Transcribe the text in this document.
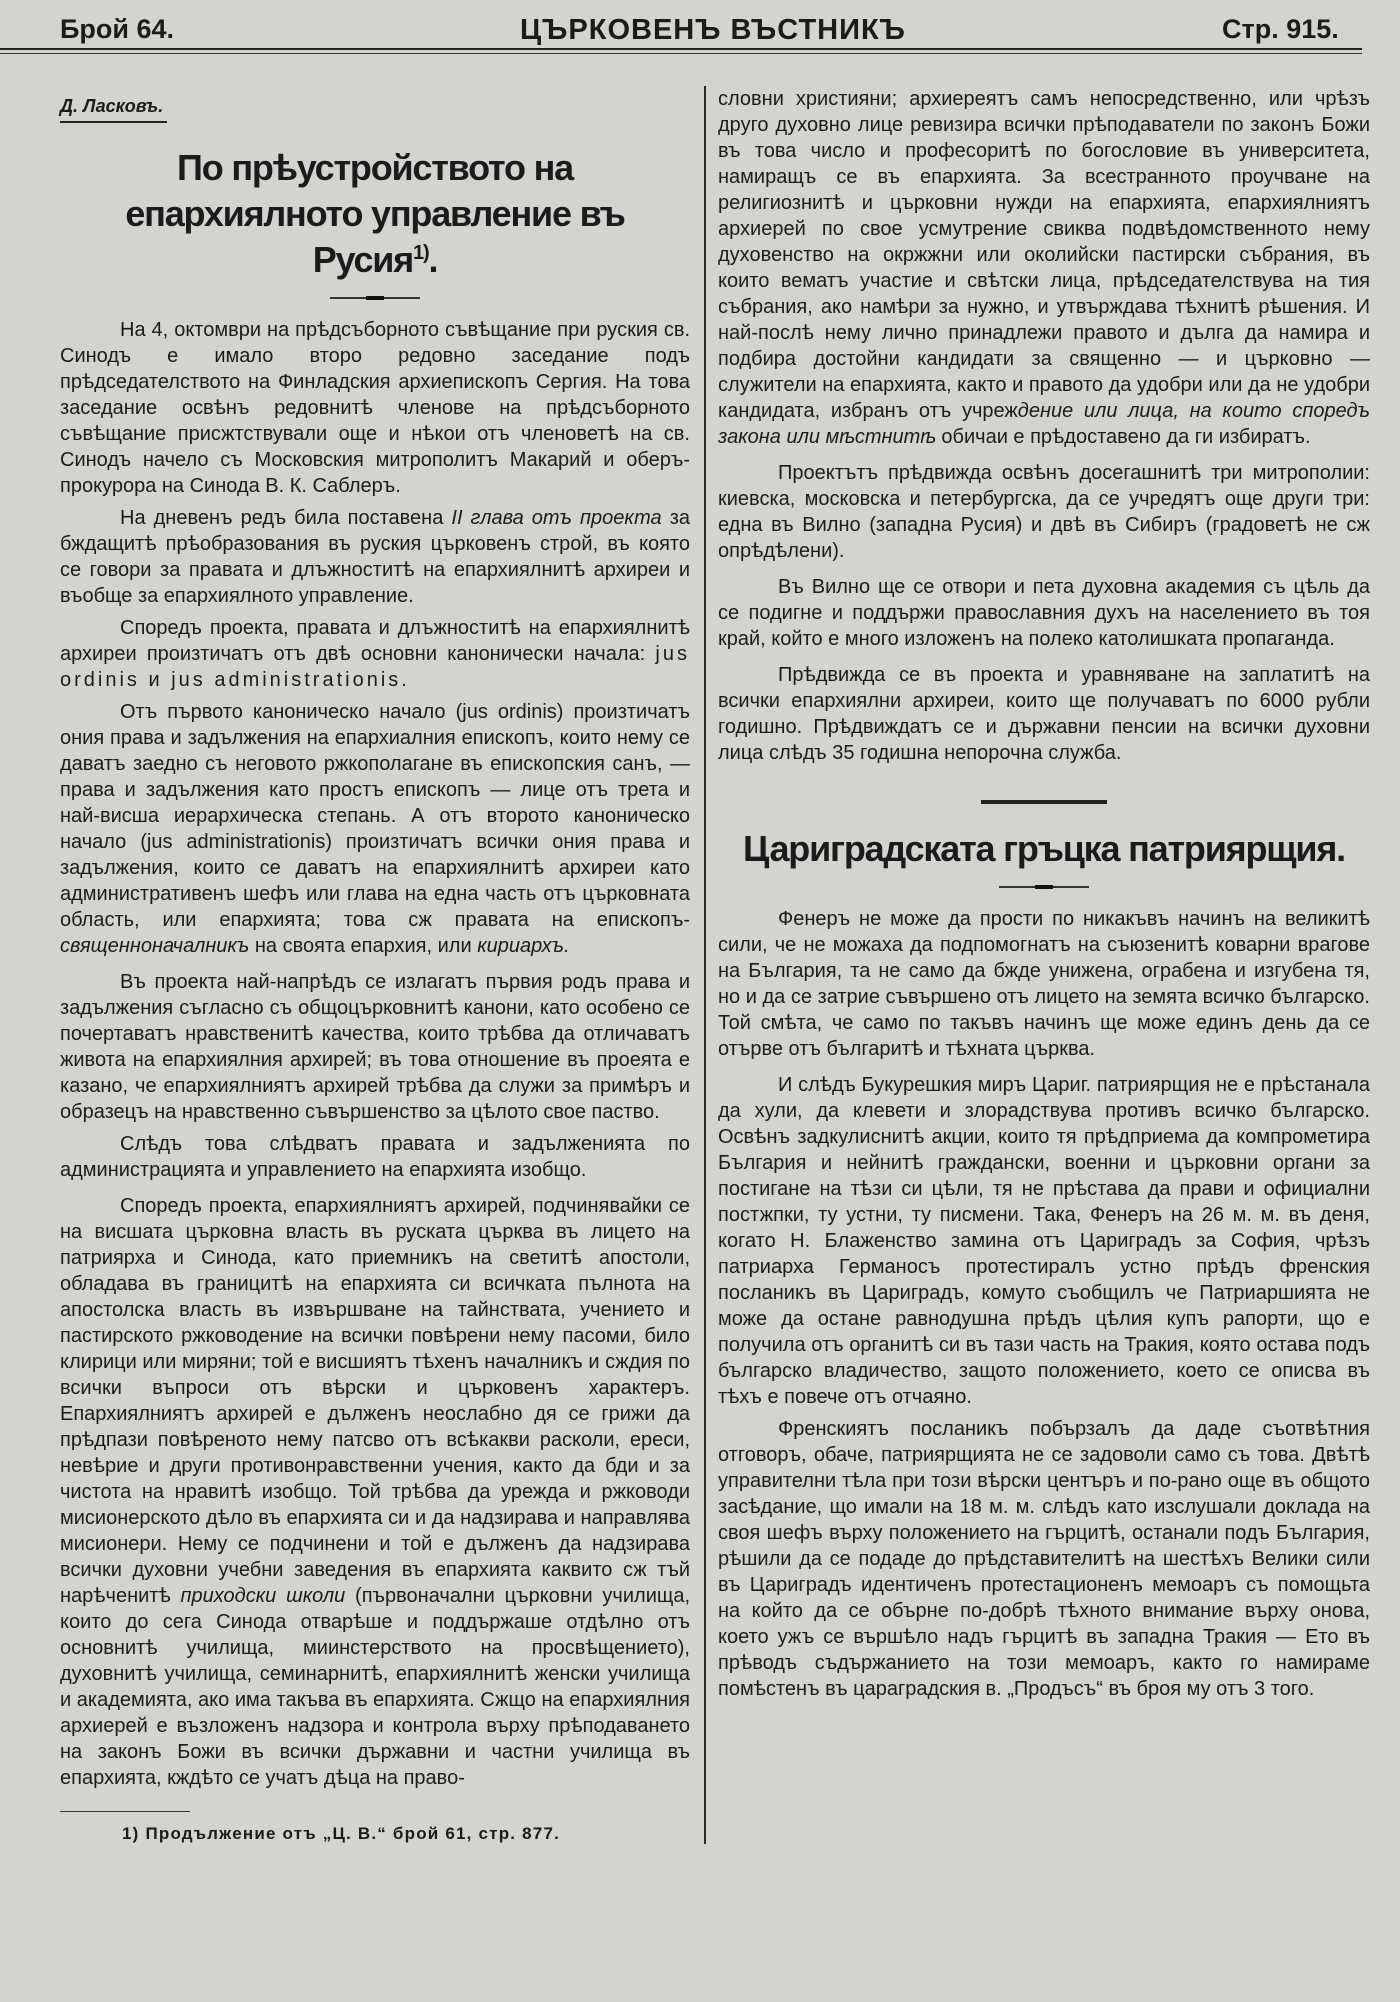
Брой 64.	ЦЪРКОВЕНЪ ВЪСТНИКЪ	Стр. 915.
Д. Ласковъ.
По прѣустройството на епархиялното управление въ Русия$^{1)}$.

На 4, октомври на прѣдсъборното съвѣщание при руския св. Синодъ е имало второ редовно заседание подъ прѣдседателството на Финладския архиепископъ Сергия. На това заседание освѣнъ редовнитѣ членове на прѣдсъборното съвѣщание присжтствували още и нѣкои отъ членоветѣ на св. Синодъ начело съ Московския митрополитъ Макарий и оберъ-прокурора на Синода В. К. Саблеръ.

На дневенъ редъ била поставена II глава отъ проекта за бждащитѣ прѣобразования въ руския църковенъ строй, въ която се говори за правата и длъжноститѣ на епархиялнитѣ архиреи и въобще за епархиялното управление.

Споредъ проекта, правата и длъжноститѣ на епархиялнитѣ архиреи произтичатъ отъ двѣ основни канонически начала: jus ordinis и jus administrationis.

Отъ първото каноническо начало (jus ordinis) произтичатъ ония права и задължения на епархиалния епископъ, които нему се даватъ заедно съ неговото ржкополагане въ епископския санъ, — права и задължения като простъ епископъ — лице отъ трета и най-висша иерархическа степань. А отъ второто каноническо начало (jus administrationis) произтичатъ всички ония права и задължения, които се даватъ на епархиялнитѣ архиреи като административенъ шефъ или глава на една часть отъ църковната область, или епархията; това сж правата на епископъ-священноначалникъ на своята епархия, или кириархъ.

Въ проекта най-напрѣдъ се излагатъ първия родъ права и задължения съгласно съ общоцърковнитѣ канони, като особено се почертаватъ нравственитѣ качества, които трѣбва да отличаватъ живота на епархиялния архирей; въ това отношение въ проеята е казано, че епархиялниятъ архирей трѣбва да служи за примѣръ и образецъ на нравственно съвършенство за цѣлото свое паство.

Слѣдъ това слѣдватъ правата и задълженията по администрацията и управлението на епархията изобщо.

Споредъ проекта, епархиялниятъ архирей, подчинявайки се на висшата църковна власть въ руската църква въ лицето на патриярха и Синода, като приемникъ на светитѣ апостоли, обладава въ границитѣ на епархията си всичката пълнота на апостолска власть въ извършване на тайнствата, учението и пастирското ржководение на всички повѣрени нему пасоми, било клирици или миряни; той е висшиятъ тѣхенъ началникъ и сждия по всички въпроси отъ вѣрски и църковенъ характеръ. Епархиялниятъ архирей е дълженъ неослабно дя се грижи да прѣдпази повѣреното нему патсво отъ всѣкакви расколи, ереси, невѣрие и други противонравственни учения, както да бди и за чистота на нравитѣ изобщо. Той трѣбва да урежда и ржководи мисионерското дѣло въ епархията си и да надзирава и направлява мисионери. Нему се подчинени и той е дълженъ да надзирава всички духовни учебни заведения въ епархията каквито сж тъй нарѣченитѣ приходски школи (първоначални църковни училища, които до сега Синода отварѣше и поддържаше отдѣлно отъ основнитѣ училища, миинстерството на просвѣщението), духовнитѣ училища, семинарнитѣ, епархиялнитѣ женски училища и академията, ако има такъва въ епархията. Сжщо на епархиялния архиерей е възложенъ надзора и контрола върху прѣподаването на законъ Божи въ всички държавни и частни училища въ епархията, кждѣто се учатъ дѣца на право-

1) Продължение отъ „Ц. В.“ брой 61, стр. 877.

словни християни; архиереятъ самъ непосредственно, или чрѣзъ друго духовно лице ревизира всички прѣподаватели по законъ Божи въ това число и професоритѣ по богословие въ университета, намиращъ се въ епархията. За всестранното проучване на религиознитѣ и църковни нужди на епархията, епархиялниятъ архиерей по свое усмутрение свиква подвѣдомственното нему духовенство на окржжни или околийски пастирски събрания, въ които вематъ участие и свѣтски лица, прѣдседателствува на тия събрания, ако намѣри за нужно, и утвърждава тѣхнитѣ рѣшения. И най-послѣ нему лично принадлежи правото и дълга да намира и подбира достойни кандидати за священно — и църковно — служители на епархията, както и правото да удобри или да не удобри кандидата, избранъ отъ учреждение или лица, на които споредъ закона или мѣстнитѣ обичаи е прѣдоставено да ги избиратъ.

Проектътъ прѣдвижда освѣнъ досегашнитѣ три митрополии: киевска, московска и петербургска, да се учредятъ още други три: една въ Вилно (западна Русия) и двѣ въ Сибиръ (градоветѣ не сж опрѣдѣлени).

Въ Вилно ще се отвори и пета духовна академия съ цѣль да се подигне и поддържи православния духъ на населението въ тоя край, който е много изложенъ на полеко католишката пропаганда.

Прѣдвижда се въ проекта и уравняване на заплатитѣ на всички епархиялни архиреи, които ще получаватъ по 6000 рубли годишно. Прѣдвиждатъ се и държавни пенсии на всички духовни лица слѣдъ 35 годишна непорочна служба.

Цариградската гръцка патриярщия.

Фенеръ не може да прости по никакъвъ начинъ на великитѣ сили, че не можаха да подпомогнатъ на съюзенитѣ коварни врагове на България, та не само да бжде унижена, ограбена и изгубена тя, но и да се затрие съвършено отъ лицето на земята всичко българско. Той смѣта, че само по такъвъ начинъ ще може единъ день да се отърве отъ българитѣ и тѣхната църква.

И слѣдъ Букурешкия миръ Цариг. патриярщия не е прѣстанала да хули, да клевети и злорадствува противъ всичко българско. Освѣнъ задкулиснитѣ акции, които тя прѣдприема да компрометира България и нейнитѣ граждански, военни и църковни органи за постигане на тѣзи си цѣли, тя не прѣстава да прави и официални постжпки, ту устни, ту писмени. Така, Фенеръ на 26 м. м. въ деня, когато Н. Блаженство замина отъ Цариградъ за София, чрѣзъ патриарха Германосъ протестиралъ устно прѣдъ френския посланикъ въ Цариградъ, комуто съобщилъ че Патриаршията не може да остане равнодушна прѣдъ цѣлия купъ рапорти, що е получила отъ органитѣ си въ тази часть на Тракия, която остава подъ българско владичество, защото положението, което се описва въ тѣхъ е повече отъ отчаяно.

Френскиятъ посланикъ побързалъ да даде съотвѣтния отговоръ, обаче, патриярщията не се задоволи само съ това. Двѣтѣ управителни тѣла при този вѣрски центъръ и по-рано още въ общото засѣдание, що имали на 18 м. м. слѣдъ като изслушали доклада на своя шефъ върху положението на гърцитѣ, останали подъ България, рѣшили да се подаде до прѣдставителитѣ на шестѣхъ Велики сили въ Цариградъ идентиченъ протестационенъ мемоаръ съ помощьта на който да се обърне по-добрѣ тѣхното внимание върху онова, което ужъ се вършѣло надъ гърцитѣ въ западна Тракия — Ето въ прѣводъ съдържанието на този мемоаръ, както го намираме помѣстенъ въ цараградския в. „Продъсъ“ въ броя му отъ 3 того.
